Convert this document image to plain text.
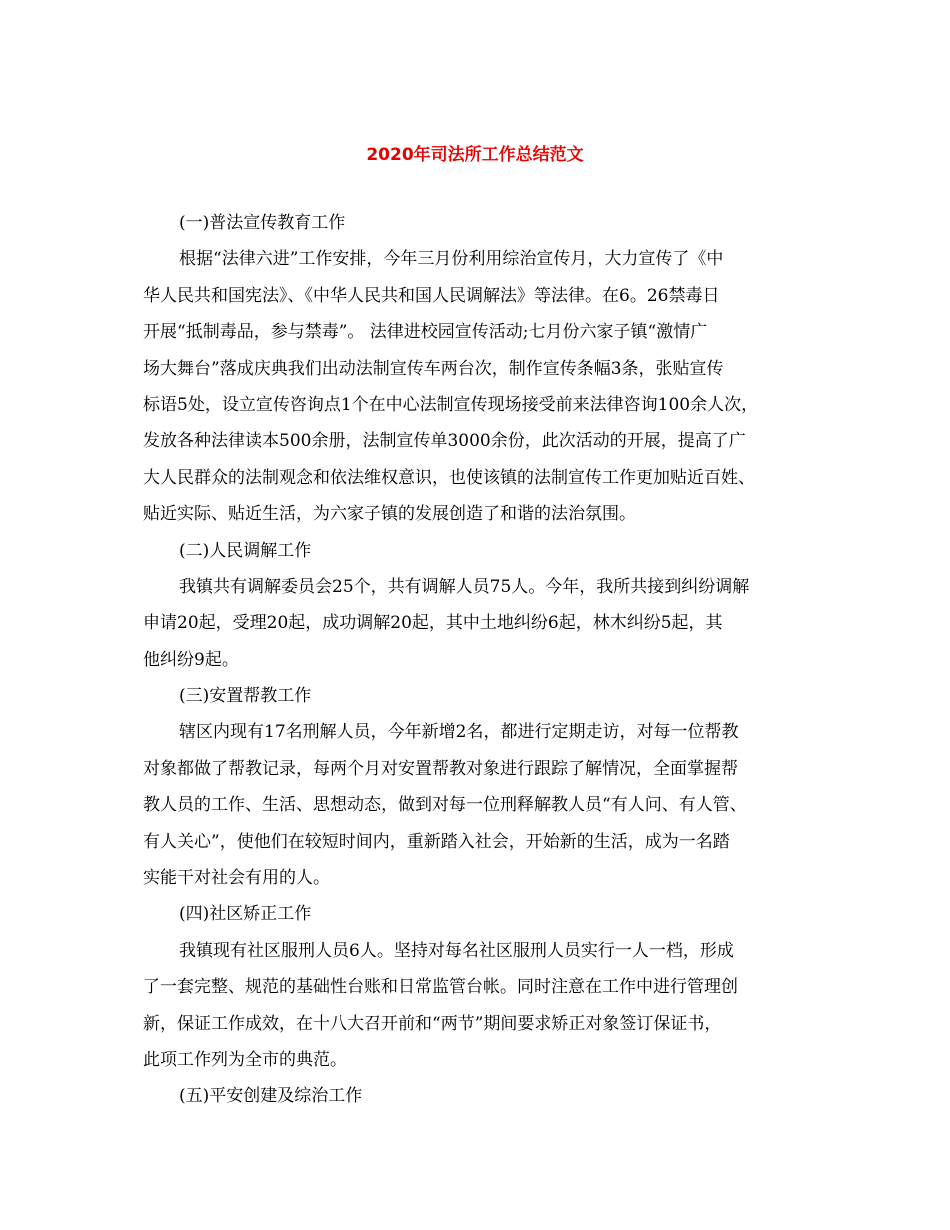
2020年司法所工作总结范文
(一)普法宣传教育工作
根据“法律六进”工作安排，今年三月份利用综治宣传月，大力宣传了《中
华人民共和国宪法》、《中华人民共和国人民调解法》等法律。在6。26禁毒日
开展“抵制毒品，参与禁毒”。 法律进校园宣传活动;七月份六家子镇“激情广
场大舞台”落成庆典我们出动法制宣传车两台次，制作宣传条幅3条，张贴宣传
标语5处，设立宣传咨询点1个在中心法制宣传现场接受前来法律咨询100余人次，
发放各种法律读本500余册，法制宣传单3000余份，此次活动的开展，提高了广
大人民群众的法制观念和依法维权意识，也使该镇的法制宣传工作更加贴近百姓、
贴近实际、贴近生活，为六家子镇的发展创造了和谐的法治氛围。
(二)人民调解工作
我镇共有调解委员会25个，共有调解人员75人。今年，我所共接到纠纷调解
申请20起，受理20起，成功调解20起，其中土地纠纷6起，林木纠纷5起，其
他纠纷9起。
(三)安置帮教工作
辖区内现有17名刑解人员，今年新增2名，都进行定期走访，对每一位帮教
对象都做了帮教记录，每两个月对安置帮教对象进行跟踪了解情况，全面掌握帮
教人员的工作、生活、思想动态，做到对每一位刑释解教人员“有人问、有人管、
有人关心”，使他们在较短时间内，重新踏入社会，开始新的生活，成为一名踏
实能干对社会有用的人。
(四)社区矫正工作
我镇现有社区服刑人员6人。坚持对每名社区服刑人员实行一人一档，形成
了一套完整、规范的基础性台账和日常监管台帐。同时注意在工作中进行管理创
新，保证工作成效，在十八大召开前和“两节”期间要求矫正对象签订保证书，
此项工作列为全市的典范。
(五)平安创建及综治工作
